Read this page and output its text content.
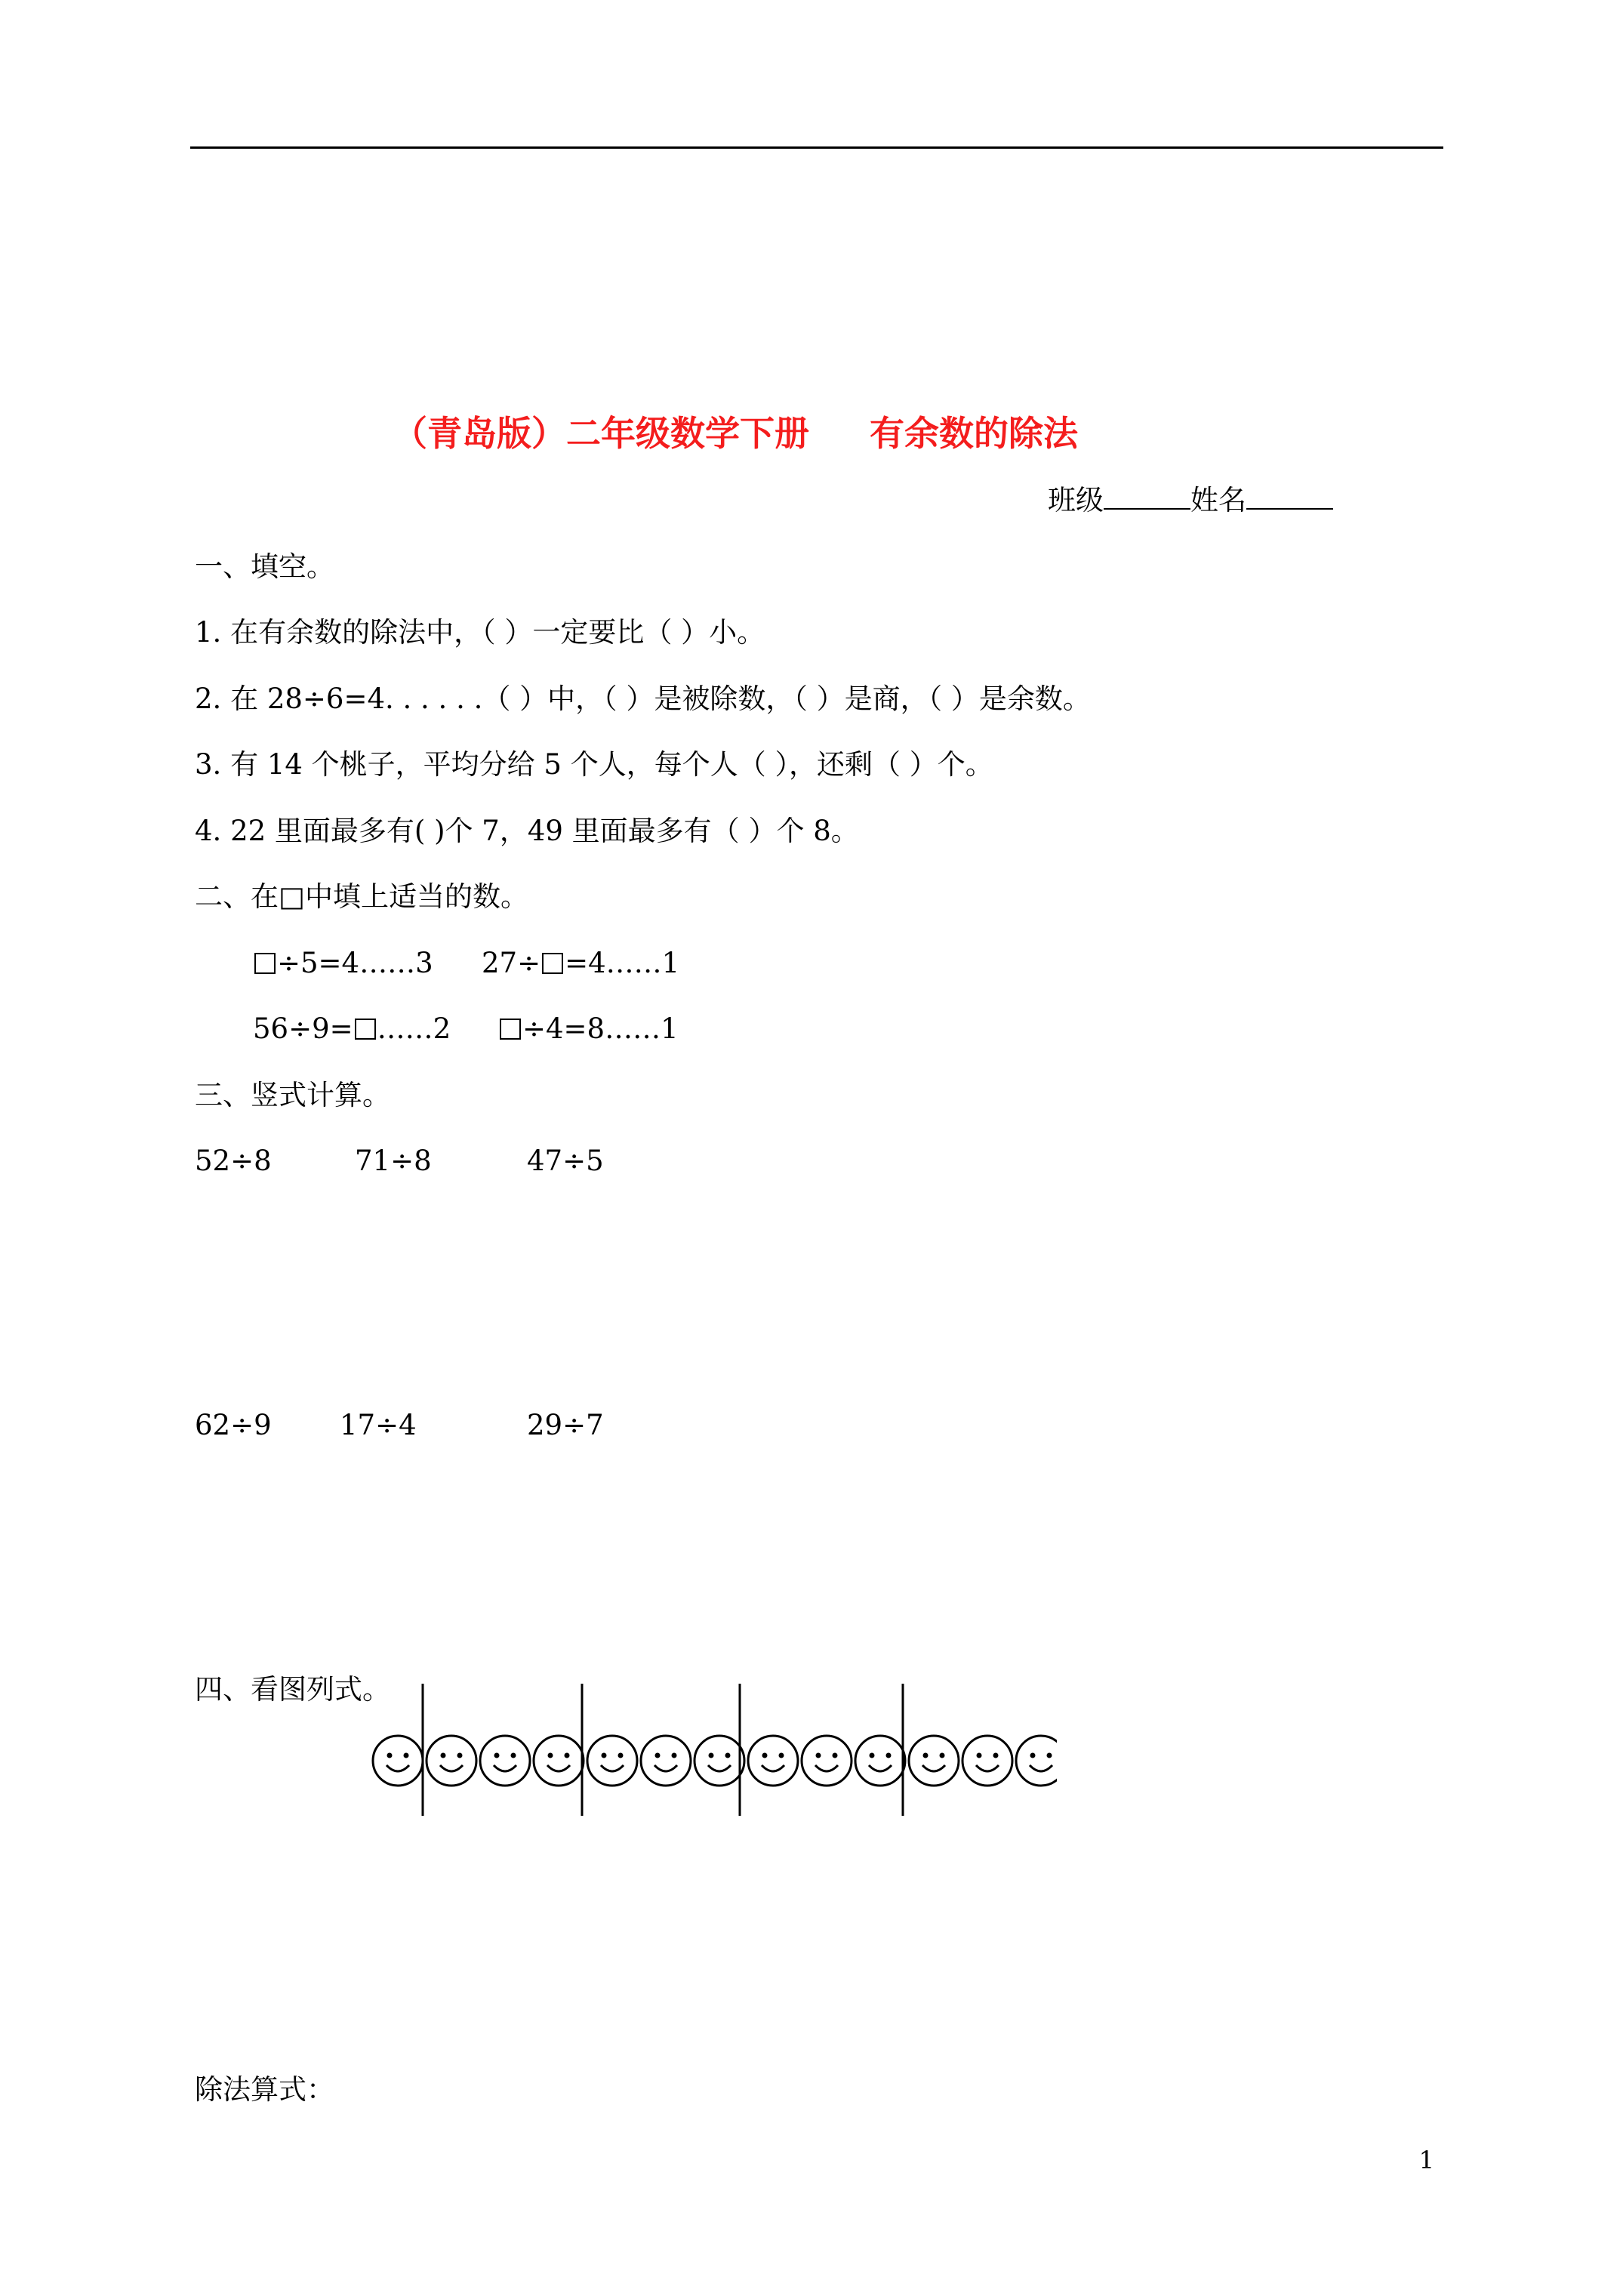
（青岛版）二年级数学下册 有余数的除法
班级	姓名
一、填空。
1. 在有余数的除法中，（ ）一定要比（ ）小。
2. 在 28÷6=4. . . . . .（ ）中，（ ）是被除数，（ ）是商，（ ）是余数。
3. 有 14 个桃子，平均分给 5 个人，每个人（ ），还剩（ ）个。
4. 22 里面最多有( )个 7，49 里面最多有（ ）个 8。
二、在□中填上适当的数。
÷5=4……3 27÷ =4……1
56÷9= ……2	÷4=8……1
三、竖式计算。
52÷8	71÷8	47÷5
62÷9 17÷4	29÷7
四、看图列式。
除法算式：
1
